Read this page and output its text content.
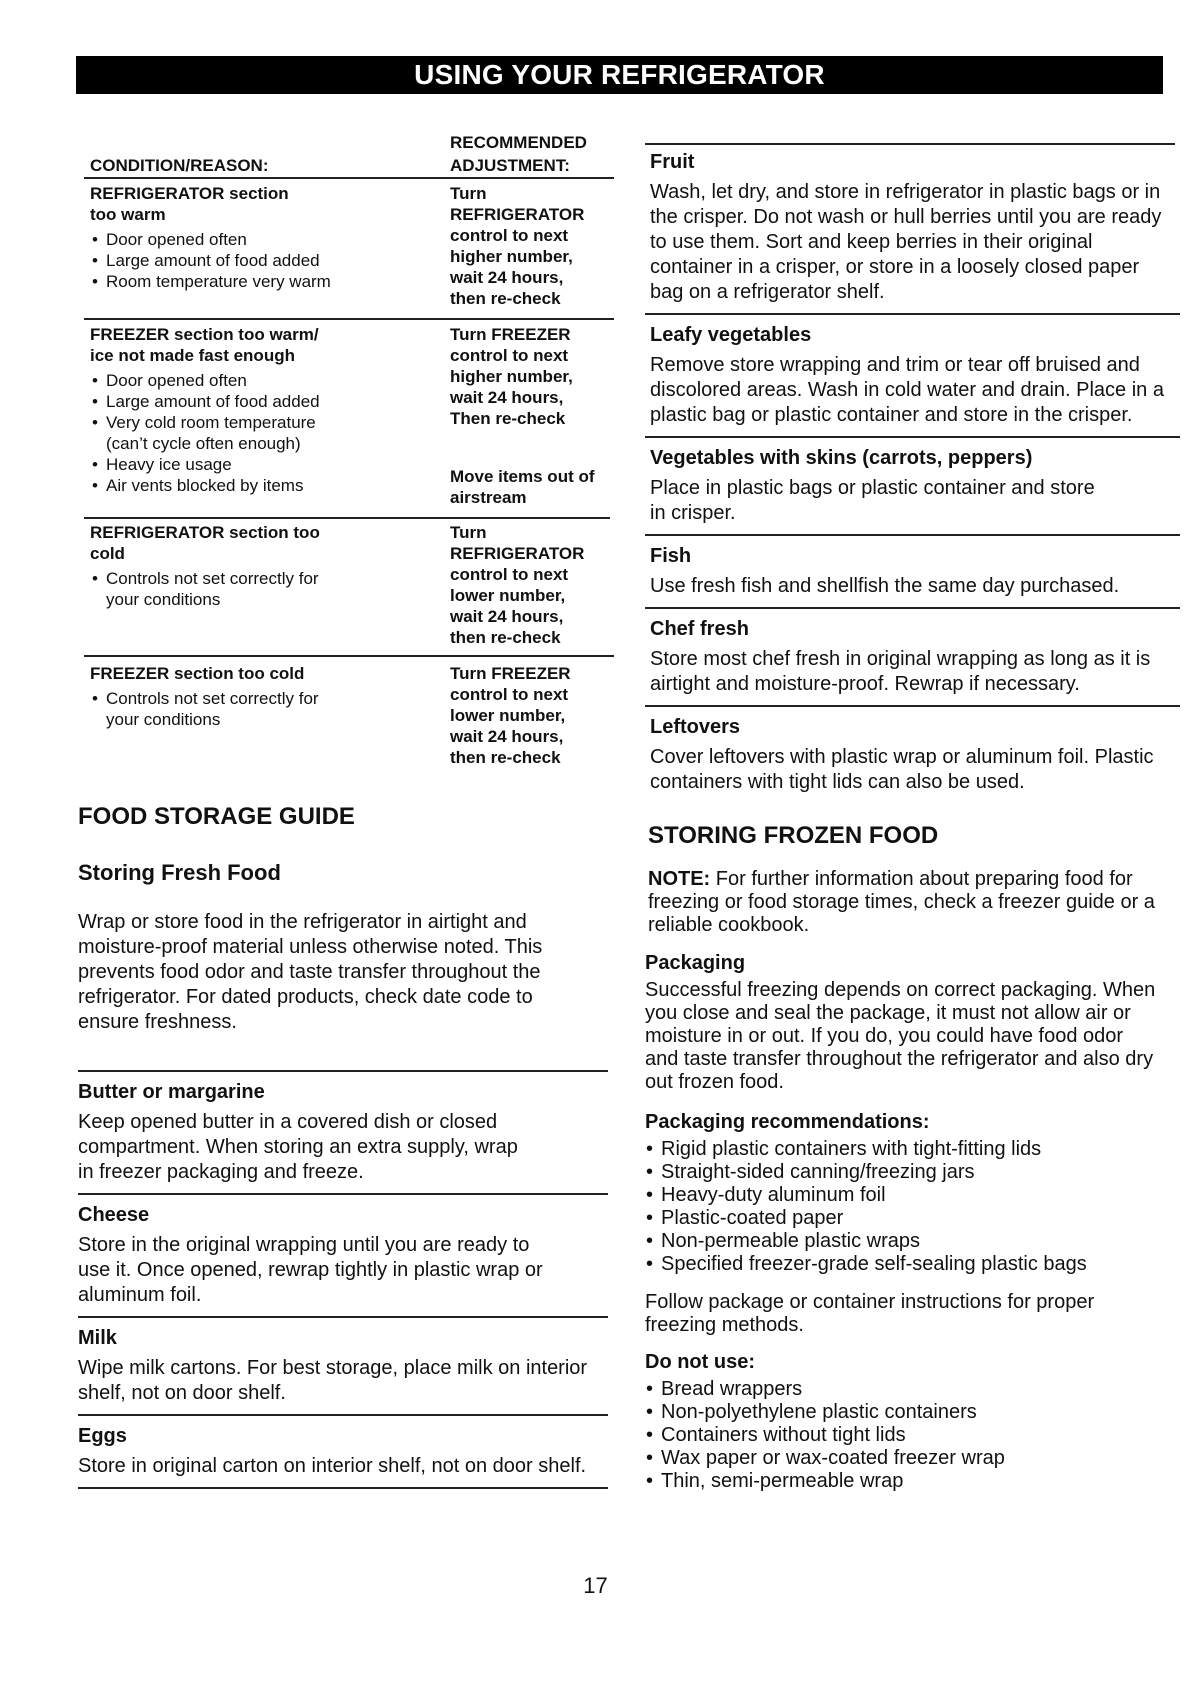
USING YOUR REFRIGERATOR
CONDITION/REASON:
RECOMMENDED
ADJUSTMENT:
REFRIGERATOR section
too warm
• Door opened often
• Large amount of food added
• Room temperature very warm
Turn
REFRIGERATOR
control to next
higher number,
wait 24 hours,
then re-check
FREEZER section too warm/
ice not made fast enough
• Door opened often
• Large amount of food added
• Very cold room temperature
(can’t cycle often enough)
• Heavy ice usage
• Air vents blocked by items
Turn FREEZER
control to next
higher number,
wait 24 hours,
Then re-check
Move items out of
airstream
REFRIGERATOR section too
cold
• Controls not set correctly for
your conditions
Turn
REFRIGERATOR
control to next
lower number,
wait 24 hours,
then re-check
FREEZER section too cold
• Controls not set correctly for
your conditions
Turn FREEZER
control to next
lower number,
wait 24 hours,
then re-check
FOOD STORAGE GUIDE
Storing Fresh Food
Wrap or store food in the refrigerator in airtight and
moisture-proof material unless otherwise noted. This
prevents food odor and taste transfer throughout the
refrigerator. For dated products, check date code to
ensure freshness.
Butter or margarine
Keep opened butter in a covered dish or closed
compartment. When storing an extra supply, wrap
in freezer packaging and freeze.
Cheese
Store in the original wrapping until you are ready to
use it. Once opened, rewrap tightly in plastic wrap or
aluminum foil.
Milk
Wipe milk cartons. For best storage, place milk on interior
shelf, not on door shelf.
Eggs
Store in original carton on interior shelf, not on door shelf.
Fruit
Wash, let dry, and store in refrigerator in plastic bags or in
the crisper. Do not wash or hull berries until you are ready
to use them. Sort and keep berries in their original
container in a crisper, or store in a loosely closed paper
bag on a refrigerator shelf.
Leafy vegetables
Remove store wrapping and trim or tear off bruised and
discolored areas. Wash in cold water and drain. Place in a
plastic bag or plastic container and store in the crisper.
Vegetables with skins (carrots, peppers)
Place in plastic bags or plastic container and store
in crisper.
Fish
Use fresh fish and shellfish the same day purchased.
Chef fresh
Store most chef fresh in original wrapping as long as it is
airtight and moisture-proof. Rewrap if necessary.
Leftovers
Cover leftovers with plastic wrap or aluminum foil. Plastic
containers with tight lids can also be used.
STORING FROZEN FOOD
NOTE: For further information about preparing food for
freezing or food storage times, check a freezer guide or a
reliable cookbook.
Packaging
Successful freezing depends on correct packaging. When
you close and seal the package, it must not allow air or
moisture in or out. If you do, you could have food odor
and taste transfer throughout the refrigerator and also dry
out frozen food.
Packaging recommendations:
• Rigid plastic containers with tight-fitting lids
• Straight-sided canning/freezing jars
• Heavy-duty aluminum foil
• Plastic-coated paper
• Non-permeable plastic wraps
• Specified freezer-grade self-sealing plastic bags
Follow package or container instructions for proper
freezing methods.
Do not use:
• Bread wrappers
• Non-polyethylene plastic containers
• Containers without tight lids
• Wax paper or wax-coated freezer wrap
• Thin, semi-permeable wrap
17
